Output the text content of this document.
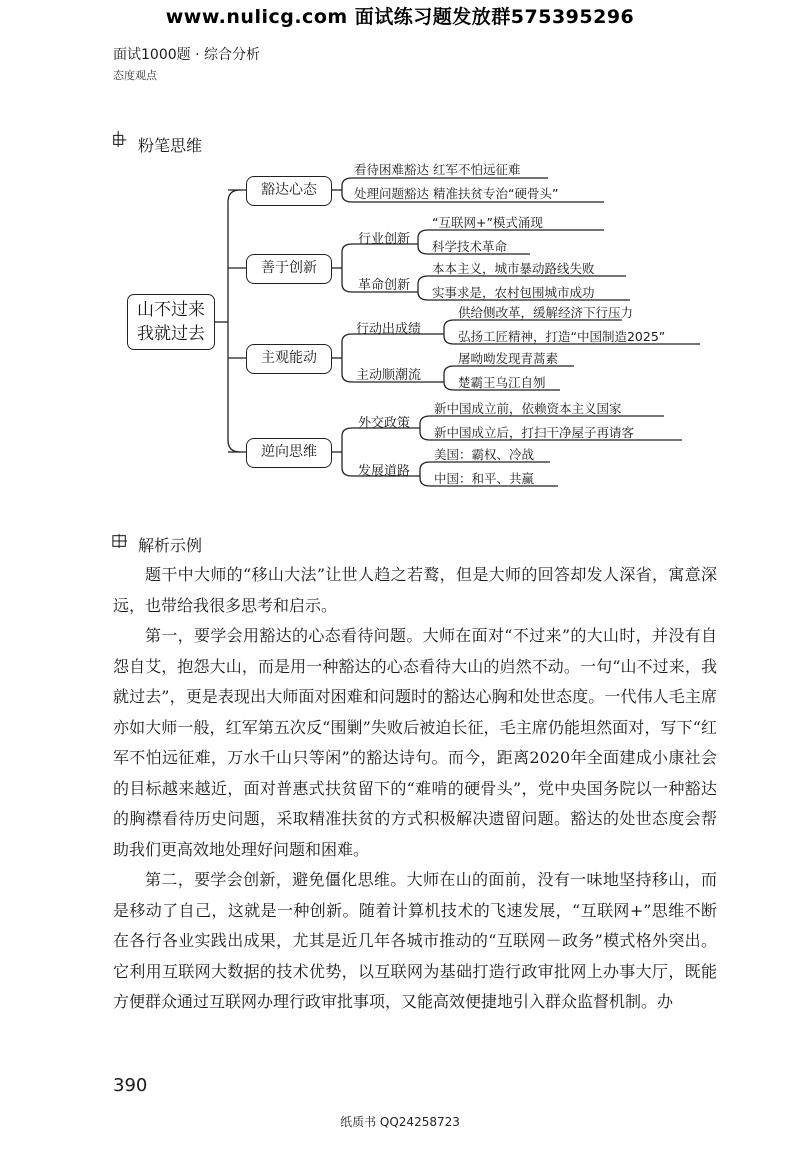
www.nulicg.com 面试练习题发放群575395296
面试1000题 · 综合分析
态度观点
粉笔思维
山不过来
我就过去
豁达心态
善于创新
主观能动
逆向思维
看待困难豁达 红军不怕远征难
处理问题豁达 精准扶贫专治“硬骨头”
行业创新
革命创新
“互联网+”模式涌现
科学技术革命
本本主义，城市暴动路线失败
实事求是，农村包围城市成功
行动出成绩
主动顺潮流
供给侧改革，缓解经济下行压力
弘扬工匠精神，打造“中国制造2025”
屠呦呦发现青蒿素
楚霸王乌江自刎
外交政策
发展道路
新中国成立前，依赖资本主义国家
新中国成立后，打扫干净屋子再请客
美国：霸权、冷战
中国：和平、共赢
解析示例
题干中大师的“移山大法”让世人趋之若鹜，但是大师的回答却发人深省，寓意深远，也带给我很多思考和启示。
第一，要学会用豁达的心态看待问题。大师在面对“不过来”的大山时，并没有自怨自艾，抱怨大山，而是用一种豁达的心态看待大山的岿然不动。一句“山不过来，我就过去”，更是表现出大师面对困难和问题时的豁达心胸和处世态度。一代伟人毛主席亦如大师一般，红军第五次反“围剿”失败后被迫长征，毛主席仍能坦然面对，写下“红军不怕远征难，万水千山只等闲”的豁达诗句。而今，距离2020年全面建成小康社会的目标越来越近，面对普惠式扶贫留下的“难啃的硬骨头”，党中央国务院以一种豁达的胸襟看待历史问题，采取精准扶贫的方式积极解决遗留问题。豁达的处世态度会帮助我们更高效地处理好问题和困难。
第二，要学会创新，避免僵化思维。大师在山的面前，没有一味地坚持移山，而是移动了自己，这就是一种创新。随着计算机技术的飞速发展，“互联网+”思维不断在各行各业实践出成果，尤其是近几年各城市推动的“互联网－政务”模式格外突出。它利用互联网大数据的技术优势，以互联网为基础打造行政审批网上办事大厅，既能方便群众通过互联网办理行政审批事项，又能高效便捷地引入群众监督机制。办
390
纸质书 QQ24258723
